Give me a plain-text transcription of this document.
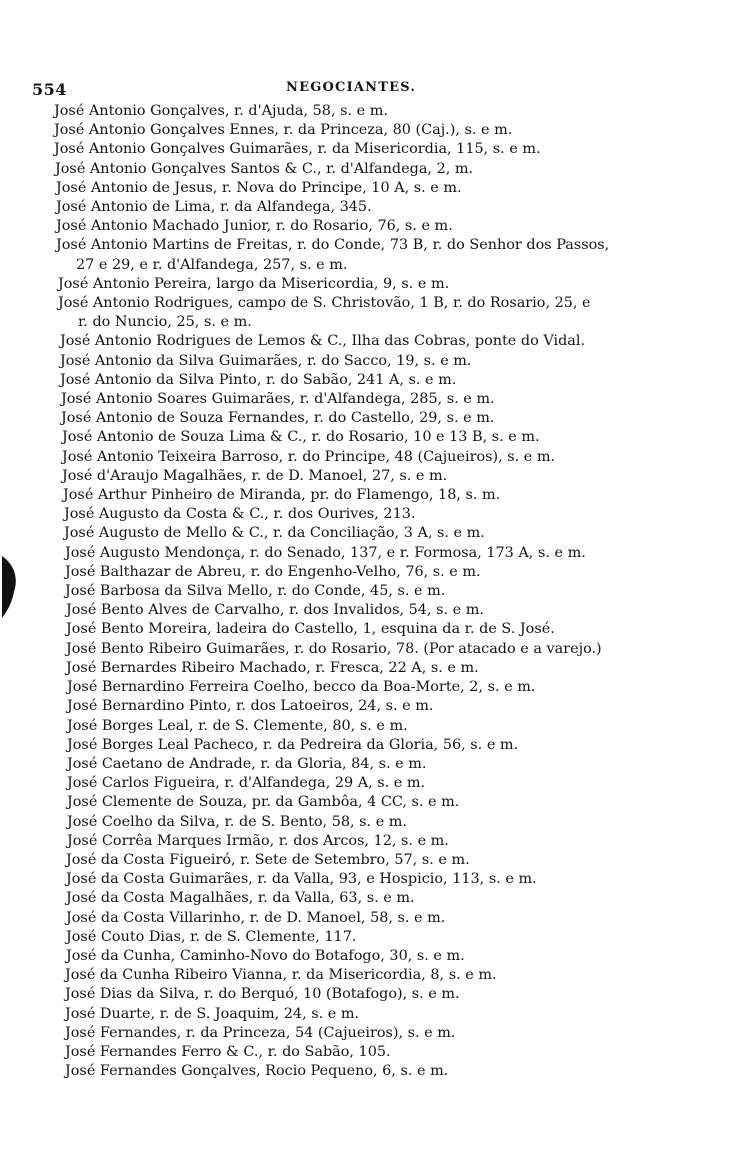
554	NEGOCIANTES.
José Antonio Gonçalves, r. d'Ajuda, 58, s. e m.
José Antonio Gonçalves Ennes, r. da Princeza, 80 (Caj.), s. e m.
José Antonio Gonçalves Guimarães, r. da Misericordia, 115, s. e m.
José Antonio Gonçalves Santos & C., r. d'Alfandega, 2, m.
José Antonio de Jesus, r. Nova do Principe, 10 A, s. e m.
José Antonio de Lima, r. da Alfandega, 345.
José Antonio Machado Junior, r. do Rosario, 76, s. e m.
José Antonio Martins de Freitas, r. do Conde, 73 B, r. do Senhor dos Passos,
27 e 29, e r. d'Alfandega, 257, s. e m.
José Antonio Pereira, largo da Misericordia, 9, s. e m.
José Antonio Rodrigues, campo de S. Christovão, 1 B, r. do Rosario, 25, e
r. do Nuncio, 25, s. e m.
José Antonio Rodrigues de Lemos & C., Ilha das Cobras, ponte do Vidal.
José Antonio da Silva Guimarães, r. do Sacco, 19, s. e m.
José Antonio da Silva Pinto, r. do Sabão, 241 A, s. e m.
José Antonio Soares Guimarães, r. d'Alfandega, 285, s. e m.
José Antonio de Souza Fernandes, r. do Castello, 29, s. e m.
José Antonio de Souza Lima & C., r. do Rosario, 10 e 13 B, s. e m.
José Antonio Teixeira Barroso, r. do Principe, 48 (Cajueiros), s. e m.
José d'Araujo Magalhães, r. de D. Manoel, 27, s. e m.
José Arthur Pinheiro de Miranda, pr. do Flamengo, 18, s. m.
José Augusto da Costa & C., r. dos Ourives, 213.
José Augusto de Mello & C., r. da Conciliação, 3 A, s. e m.
José Augusto Mendonça, r. do Senado, 137, e r. Formosa, 173 A, s. e m.
José Balthazar de Abreu, r. do Engenho-Velho, 76, s. e m.
José Barbosa da Silva Mello, r. do Conde, 45, s. e m.
José Bento Alves de Carvalho, r. dos Invalidos, 54, s. e m.
José Bento Moreira, ladeira do Castello, 1, esquina da r. de S. José.
José Bento Ribeiro Guimarães, r. do Rosario, 78. (Por atacado e a varejo.)
José Bernardes Ribeiro Machado, r. Fresca, 22 A, s. e m.
José Bernardino Ferreira Coelho, becco da Boa-Morte, 2, s. e m.
José Bernardino Pinto, r. dos Latoeiros, 24, s. e m.
José Borges Leal, r. de S. Clemente, 80, s. e m.
José Borges Leal Pacheco, r. da Pedreira da Gloria, 56, s. e m.
José Caetano de Andrade, r. da Gloria, 84, s. e m.
José Carlos Figueira, r. d'Alfandega, 29 A, s. e m.
José Clemente de Souza, pr. da Gambôa, 4 CC, s. e m.
José Coelho da Silva, r. de S. Bento, 58, s. e m.
José Corrêa Marques Irmão, r. dos Arcos, 12, s. e m.
José da Costa Figueiró, r. Sete de Setembro, 57, s. e m.
José da Costa Guimarães, r. da Valla, 93, e Hospicio, 113, s. e m.
José da Costa Magalhães, r. da Valla, 63, s. e m.
José da Costa Villarinho, r. de D. Manoel, 58, s. e m.
José Couto Dias, r. de S. Clemente, 117.
José da Cunha, Caminho-Novo do Botafogo, 30, s. e m.
José da Cunha Ribeiro Vianna, r. da Misericordia, 8, s. e m.
José Dias da Silva, r. do Berquó, 10 (Botafogo), s. e m.
José Duarte, r. de S. Joaquim, 24, s. e m.
José Fernandes, r. da Princeza, 54 (Cajueiros), s. e m.
José Fernandes Ferro & C., r. do Sabão, 105.
José Fernandes Gonçalves, Rocio Pequeno, 6, s. e m.
